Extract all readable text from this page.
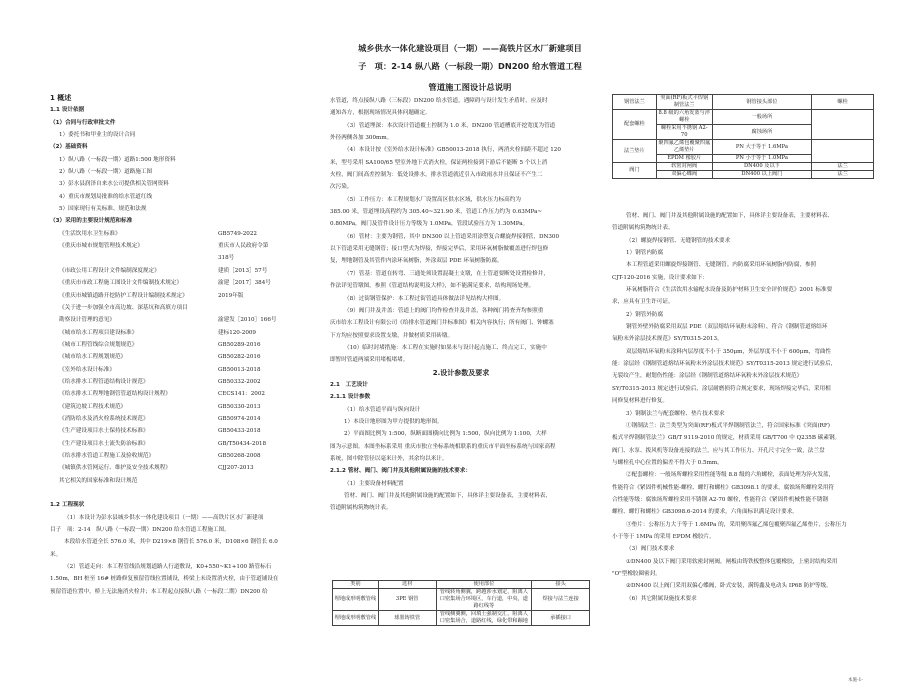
城乡供水一体化建设项目（一期）——高铁片区水厂新建项目
子　项：2-14 纵八路（一标段一期）DN200 给水管道工程
管道施工图设计总说明

1 概述

1.1 设计依据

（1）合同与行政审批文件

1）委托书和甲业主的设计合同

（2）基础资料

1）纵八路（一标段一期）道路1:500 地形资料

2）纵八路（一标段一期）道路施工图

3）彭水县润泽自来水公司提供相关管网资料

4）重庆市规划局批准的给水管道红线

5）国家现行有关标准、规范和法规

（3）采用的主要设计规范和标准

《生活饮用水卫生标准》	GB5749-2022
《重庆市城市规划管理技术规定》	重庆市人民政府令第
318号
《市政公用工程设计文件编制深度规定》	建质［2013］57号
《重庆市市政工程施工图设计文件编制技术规定》	渝建［2017］384号
《重庆市城镇道路开挖防护工程设计编制技术规定》	2019年版
《关于进一步加强全市高边坡、深基坑和高填方项目
勘察设计管理的意见》	渝建发［2010］166号
《城市给水工程项目建设标准》	建标120-2009
《城市工程管线综合规划规范》	GB50289-2016
《城市给水工程规划规范》	GB50282-2016
《室外给水设计标准》	GB50013-2018
《给水排水工程管道结构设计规范》	GB50332-2002
《给水排水工程埋地钢管管道结构设计规程》	CECS141：2002
《建筑边坡工程技术规范》	GB50330-2013
《消防给水及消火栓系统技术规范》	GB50974-2014
《生产建设项目水土保持技术标准》	GB50433-2018
《生产建设项目水土流失防治标准》	GB/T50434-2018
《给水排水管道工程施工及验收规范》	GB50268-2008
《城镇供水管网运行、维护及安全技术规程》	CJJ207-2013

其它相关的国家标准和设计规范

1.2 工程现状

（1）本设计为彭水县城乡供水一体化建设项目（一期）——高铁片区水厂新建项

目子　项：2-14　纵八路（一标段一期）DN200 给水管道工程施工图。

本段给水管道全长 576.0 米，其中 D219×8 钢管长 576.0 米，D108×6 钢管长 6.0

米。

（2）管道走向：本工程管线沿规划道路人行道敷设，K0+550~K1+100 路管标石

1.50m，BH 桩至 16# 桩路修复预留管线位置铺设，桥梁上未设置消火栓，由于管道铺设在

预留管道位置中，桥上无法施消火栓井；本工程起点接纵八路（一标段二期）DN200 给

水管道，终点接纵八路（三标段）DN200 给水管道，遇障碍与设计发生矛盾时，应及时

通知各方，根据现场情况具体问题确定。

（3）管道埋深：本次设计管道覆土控制为 1.0 米，DN200 管道槽底开挖宽度为管道

外径两侧各加 300mm。

（4）本设计按《室外给水设计标准》GB50013-2018 执行，两消火栓间距不超过 120

米，型号采用 SA100/65 型室外地下式消火栓，保证两栓接到下游后不能断 5 个以上消

火栓，阀门间高差控制为：低处设排水，排水管道就近引入市政雨水井且保证不产生二

次污染。

（5）工作压力：本工程规划水厂设置高区供水区域，供水压力标高约为

385.00 米，管道埋设高程约为 305.40~321.90 米，管道工作压力约为 0.63MPa~

0.80MPa，阀门及管件设计压力等级为 1.0MPa，管段试验压力为 1.30MPa。

（6）管材：主要为钢管，其中 DN300 以上管道采用涂塑复合螺旋焊接钢管，DN300

以下管道采用无缝钢管；接口型式为焊接，焊接完毕后，采用环氧树脂做覆盖进行焊包修

复，埋地钢管及其管件内涂环氧树脂，外涂双层 PDE 环氧树脂防腐。

（7）管基：管道在转弯、三通处须设置混凝土支墩，在土管道要断处设置检修井，

作法详见管墩图，参照《管道结构说明及大样》，如不能满足要求，结构现场处理。

（8）过街钢管保护：本工程过街管道具体做法详见结构大样图。

（9）阀门井及井盖：管道上的阀门均作检查井及井盖，各种阀门将查齐均参照重

庆市给水工程设计有限公司《给排水管道阀门井标准图》相关内容执行；所有阀门、钟螺塞

下方均应按照要求设置支墩，并做材质采用砖墩。

（10）临时封堵措施：本工程在实施时如果未与设计起点施工、终点完工，实施中

即暂时管道两端采用堵板堵堵。

2.设计参数及要求

2.1　工艺设计

2.1.1 设计参数

（1）给水管道平面与纵向设计

1）本设计地形图为甲方提供的地形图。

2）平面图比例为 1:500，纵断面图横向比例为 1:500，纵向比例为 1:100，大样

图为示意图。本图坐标系采用 重庆市独立坐标系统相联系的重庆市平面坐标系统与国家高程

系统，图中除管径以毫米计外，其余均以米计。

2.1.2 管材、阀门、阀门井及其他附属设施的技术要求：

（1）主要设备材料配置

管材、阀门、阀门井及其他附属设施的配置如下，具体详主要设备表，主要材料表，

管道附属构筑物统计表。

类别	选材	使用部位	接头
埋地成形明敷管线	3PE 钢管	管线转角侧翼，跨越涉水划定，阻离人口密集场合环境区，车行道，中央，道路红线等	焊接与法兰连接
埋地成形明敷管线	球墨铸铁管	管线侧翼侧，回填土强制交汇，阻离人口密集场合，道路红线，绿化带和蹦地	承插接口
钢管法兰	突面(RF)板式平焊钢制管法兰	钢管接头部位	螺栓
配套螺栓	8.8 级的六角发蓝与淬螺栓	一般场所	
	螺栓采用不锈钢 A2-70	腐蚀场所	
法兰垫片	聚四氟乙烯包覆聚四氟乙烯垫片	PN 大于等于 1.6MPa	
	EPDM 橡胶片	PN 小于等于 1.0MPa	
阀门	软密封闸阀	DN400 及以下	法兰
	双偏心蝶阀	DN400 以上阀门	法兰

管材、阀门、阀门井及其他附属设施的配置如下，具体详主要设备表，主要材料表、

管道附属构筑物统计表。

（2）螺旋焊接钢管、无缝钢管的技术要求

1）钢管内防腐

本工程管道采用螺旋焊接钢管、无缝钢管。内防腐采用环氧树脂内防腐，参照

CJT-120-2016 实施，设计要求如下：

环氧树脂符合《生活饮用水输配水设备及防护材料卫生安全评价规范》2001 标准要

求，应具有卫生许可证。

2）钢管外防腐

钢管外壁外防腐采用双层 PDE（双层熔结环氧粉末涂料），符合《钢制管道熔结环

氧粉末外涂层技术规范》SY/T0315-2013。

双层熔结环氧粉末涂料内层厚度不小于 350μm，外层厚度不小于 600μm，弯曲性

能：涂层经《钢制管道熔结环氧粉末外涂层技术规范》SY/T0315-2013 规定进行试验后，

无裂纹产生，耐划伤性能：涂层经《钢制管道熔结环氧粉末外涂层技术规范》

SY/T0315-2013 规定进行试验后，涂层耐磨损符合规定要求，现场焊接完毕后，采用相

同修复材料进行修复。

3）钢制法兰与配套螺栓、垫片技术要求

①钢制法兰：法兰类型为突面(RF)板式平焊钢制管法兰，符合国家标准《突面(RF)

板式平焊钢制管法兰》GB/T 9119-2010 的规定，材质采用 GB/T700 中 Q235B 碳素钢。

阀门、水泵、拨风机等设备连接的法兰，应与其工作压力、开孔尺寸完全一致，法兰盘

与螺栓孔中心位置的偏差不得大于 0.5mm。

②配套螺栓：一般场所螺栓采用性能等级 8.8 级的六角螺栓，表面处理为淬火发蓝，

性能符合《紧固件机械性能-螺栓、螺钉和螺柱》GB3098.1 的要求，腐蚀场所螺栓采用符

合性能等级：腐蚀场所螺栓采用不锈钢 A2-70 螺栓，性能符合《紧固件机械性能不锈钢

螺栓、螺钉和螺柱》GB3098.6-2014 的要求，六角面标识满足设计要求。

③垫片：公称压力大于等于 1.6MPa 的，采用聚四氟乙烯包覆聚四氟乙烯垫片，公称压力

小于等于 1MPa 的采用 EPDM 橡胶片。

（3）阀门技术要求

①DN400 及以下阀门采用软密封闸阀，闸板由铸铁板整体包覆橡胶，上密封结构采用

"O"型橡胶圈密封。

②DN400 以上阀门采用双偏心蝶阀，卧式安装，满铸鑫及电动头 IP68 防护等级。

（6）其它附属设施技术要求

本施-1-
